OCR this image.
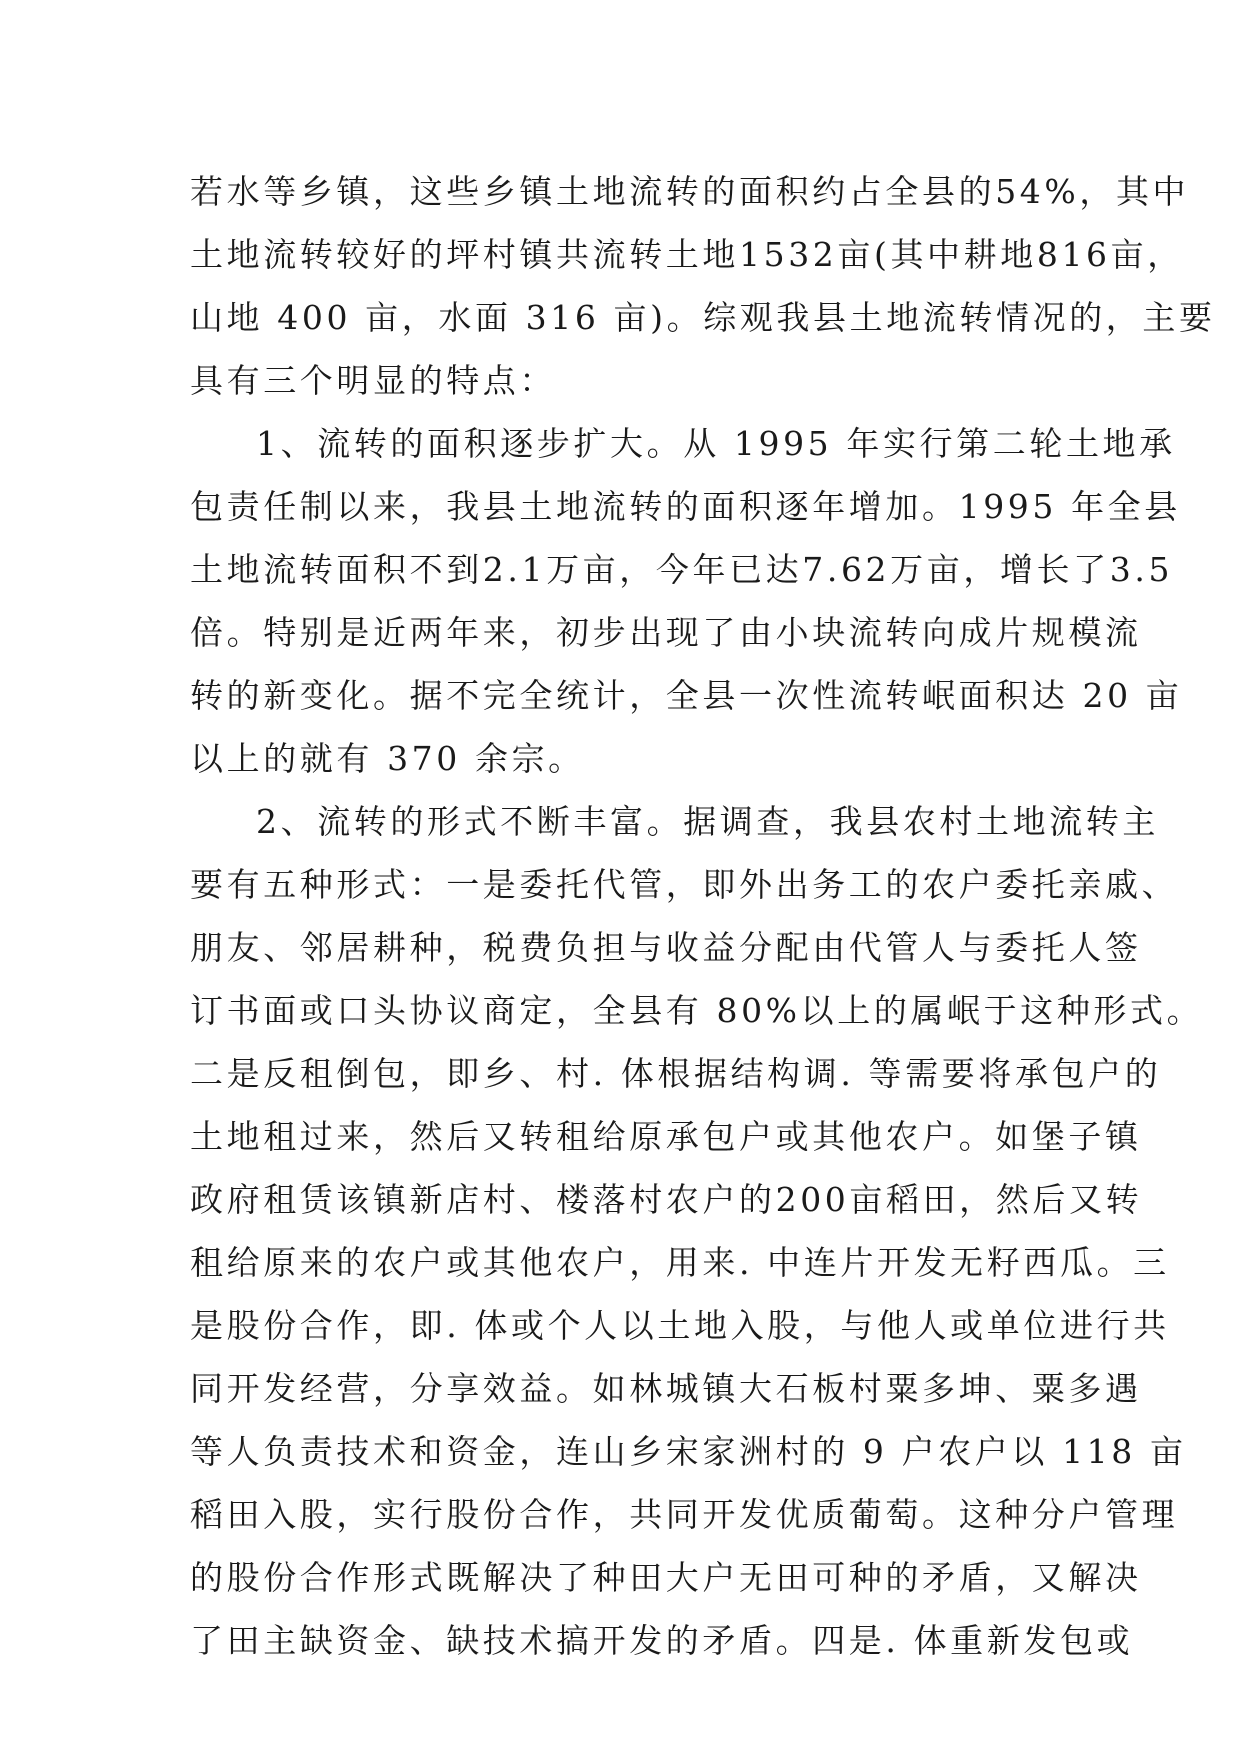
若水等乡镇，这些乡镇土地流转的面积约占全县的54%，其中
土地流转较好的坪村镇共流转土地1532亩(其中耕地816亩，
山地 400 亩，水面 316 亩)。综观我县土地流转情况的，主要
具有三个明显的特点：
1、流转的面积逐步扩大。从 1995 年实行第二轮土地承
包责任制以来，我县土地流转的面积逐年增加。1995 年全县
土地流转面积不到2.1万亩，今年已达7.62万亩，增长了3.5
倍。特别是近两年来，初步出现了由小块流转向成片规模流
转的新变化。据不完全统计，全县一次性流转岷面积达 20 亩
以上的就有 370 余宗。
2、流转的形式不断丰富。据调查，我县农村土地流转主
要有五种形式：一是委托代管，即外出务工的农户委托亲戚、
朋友、邻居耕种，税费负担与收益分配由代管人与委托人签
订书面或口头协议商定，全县有 80%以上的属岷于这种形式。
二是反租倒包，即乡、村. 体根据结构调. 等需要将承包户的
土地租过来，然后又转租给原承包户或其他农户。如堡子镇
政府租赁该镇新店村、楼落村农户的200亩稻田，然后又转
租给原来的农户或其他农户，用来. 中连片开发无籽西瓜。三
是股份合作，即. 体或个人以土地入股，与他人或单位进行共
同开发经营，分享效益。如林城镇大石板村粟多坤、粟多遇
等人负责技术和资金，连山乡宋家洲村的 9 户农户以 118 亩
稻田入股，实行股份合作，共同开发优质葡萄。这种分户管理
的股份合作形式既解决了种田大户无田可种的矛盾，又解决
了田主缺资金、缺技术搞开发的矛盾。四是. 体重新发包或
